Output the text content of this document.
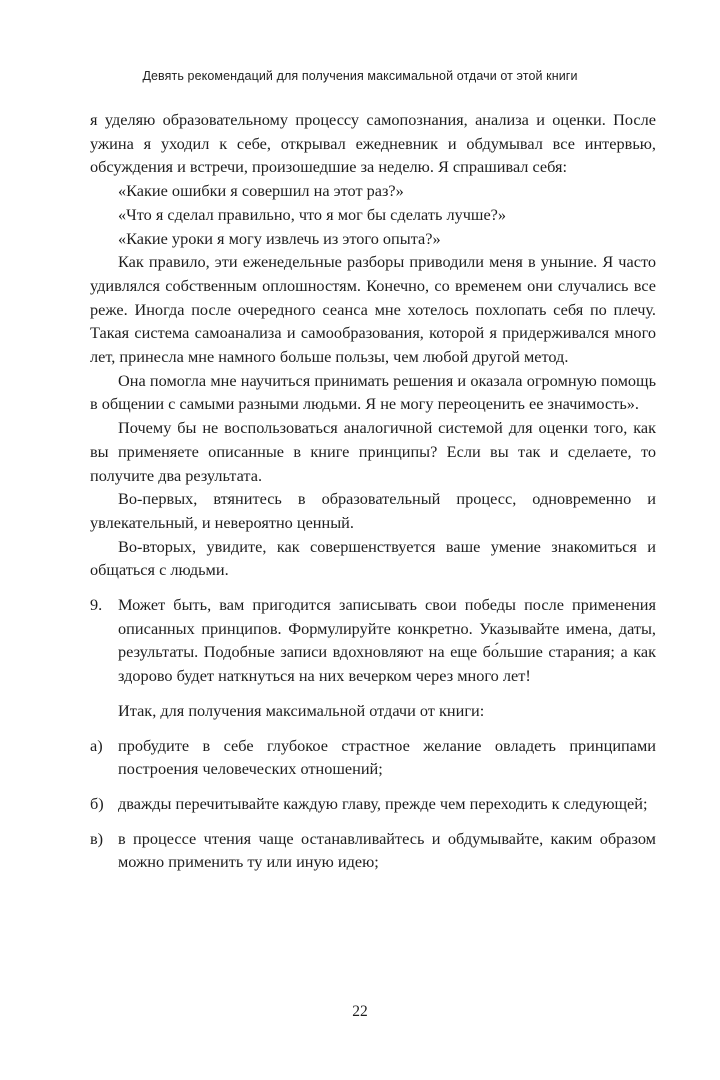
Девять рекомендаций для получения максимальной отдачи от этой книги

я уделяю образовательному процессу самопознания, анализа и оценки. После ужина я уходил к себе, открывал ежедневник и обдумывал все интервью, обсуждения и встречи, произошедшие за неделю. Я спрашивал себя:

«Какие ошибки я совершил на этот раз?»

«Что я сделал правильно, что я мог бы сделать лучше?»

«Какие уроки я могу извлечь из этого опыта?»

Как правило, эти еженедельные разборы приводили меня в уныние. Я часто удивлялся собственным оплошностям. Конечно, со временем они случались все реже. Иногда после очередного сеанса мне хотелось похлопать себя по плечу. Такая система самоанализа и самообразования, которой я придерживался много лет, принесла мне намного больше пользы, чем любой другой метод.

Она помогла мне научиться принимать решения и оказала огромную помощь в общении с самыми разными людьми. Я не могу переоценить ее значимость».

Почему бы не воспользоваться аналогичной системой для оценки того, как вы применяете описанные в книге принципы? Если вы так и сделаете, то получите два результата.

Во-первых, втянитесь в образовательный процесс, одновременно и увлекательный, и невероятно ценный.

Во-вторых, увидите, как совершенствуется ваше умение знакомиться и общаться с людьми.

9. Может быть, вам пригодится записывать свои победы после применения описанных принципов. Формулируйте конкретно. Указывайте имена, даты, результаты. Подобные записи вдохновляют на еще бо́льшие старания; а как здорово будет наткнуться на них вечерком через много лет!

Итак, для получения максимальной отдачи от книги:

а) пробудите в себе глубокое страстное желание овладеть принципами построения человеческих отношений;

б) дважды перечитывайте каждую главу, прежде чем переходить к следующей;

в) в процессе чтения чаще останавливайтесь и обдумывайте, каким образом можно применить ту или иную идею;

22
